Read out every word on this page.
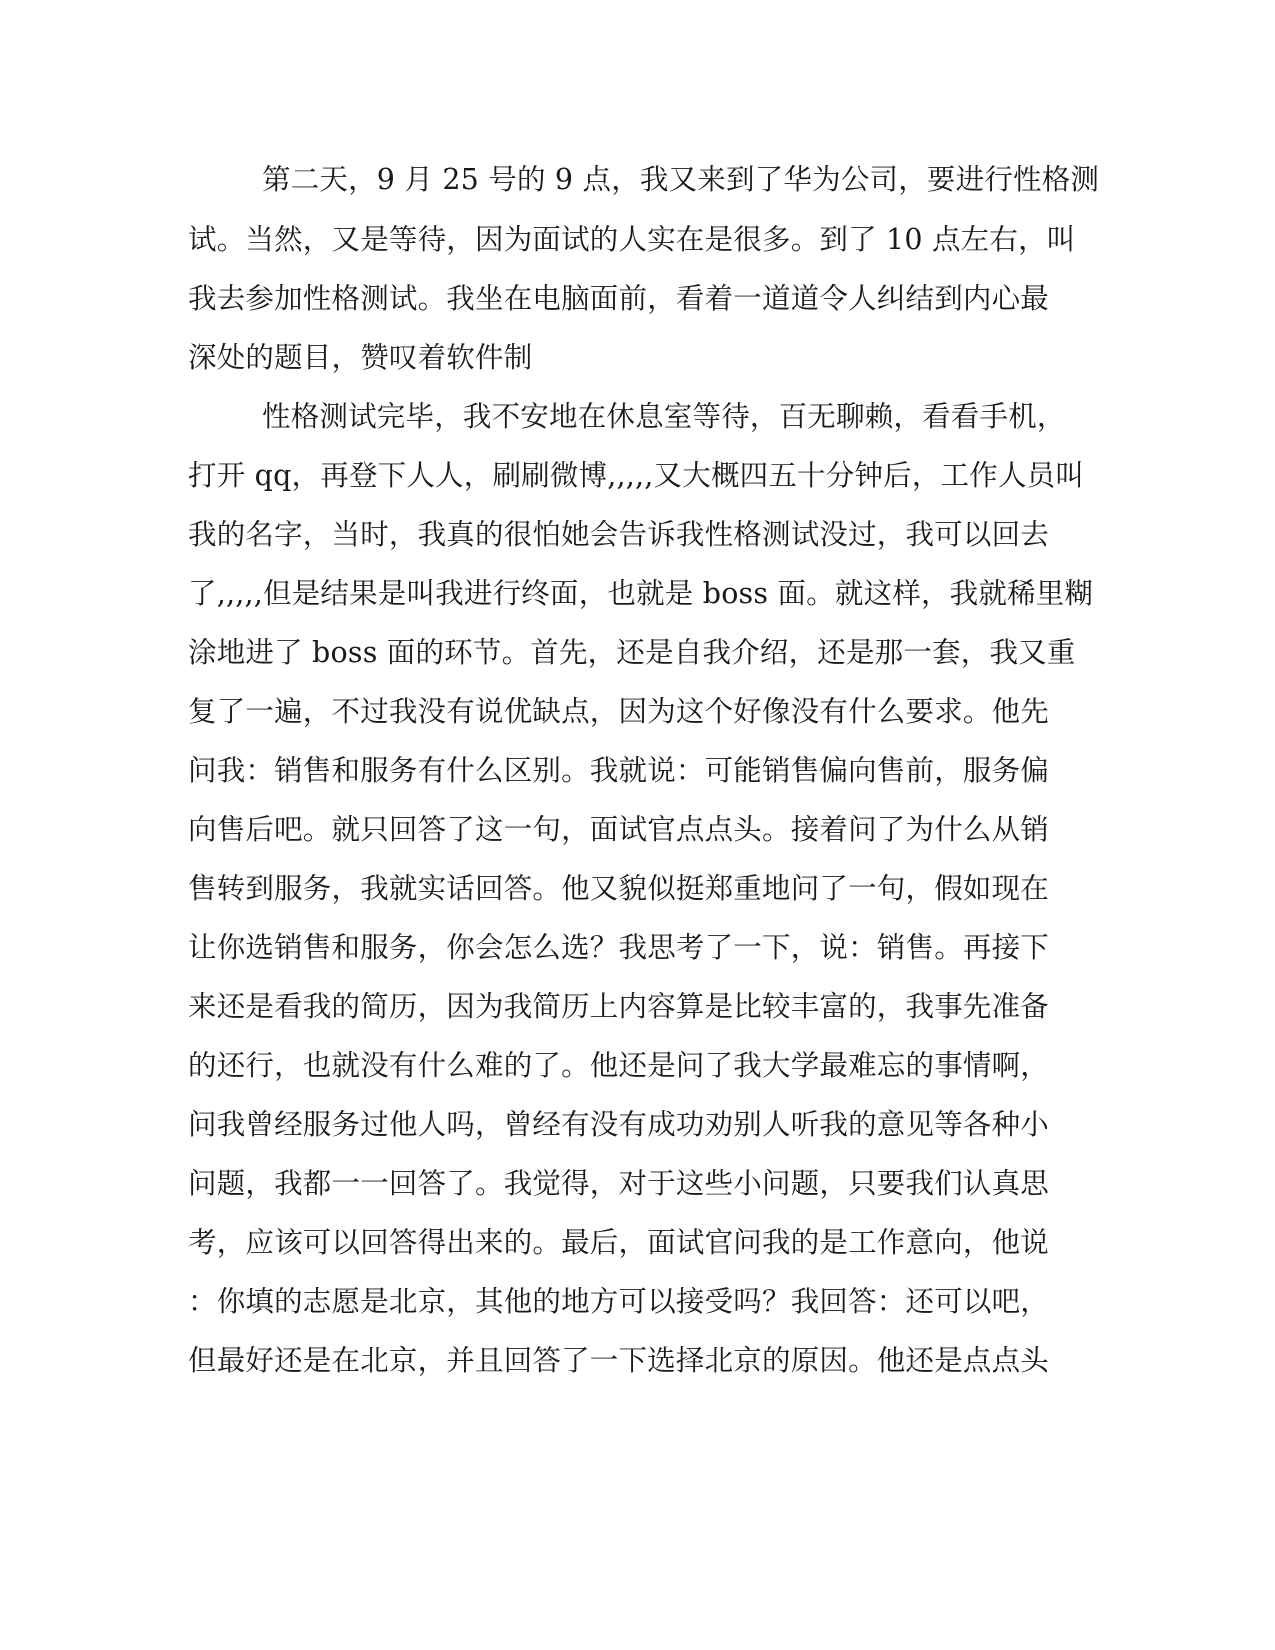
第二天，9 月 25 号的 9 点，我又来到了华为公司，要进行性格测
试。当然，又是等待，因为面试的人实在是很多。到了 10 点左右，叫
我去参加性格测试。我坐在电脑面前，看着一道道令人纠结到内心最
深处的题目，赞叹着软件制
性格测试完毕，我不安地在休息室等待，百无聊赖，看看手机，
打开 qq，再登下人人，刷刷微博,,,,,又大概四五十分钟后，工作人员叫
我的名字，当时，我真的很怕她会告诉我性格测试没过，我可以回去
了,,,,,但是结果是叫我进行终面，也就是 boss 面。就这样，我就稀里糊
涂地进了 boss 面的环节。首先，还是自我介绍，还是那一套，我又重
复了一遍，不过我没有说优缺点，因为这个好像没有什么要求。他先
问我：销售和服务有什么区别。我就说：可能销售偏向售前，服务偏
向售后吧。就只回答了这一句，面试官点点头。接着问了为什么从销
售转到服务，我就实话回答。他又貌似挺郑重地问了一句，假如现在
让你选销售和服务，你会怎么选？我思考了一下，说：销售。再接下
来还是看我的简历，因为我简历上内容算是比较丰富的，我事先准备
的还行，也就没有什么难的了。他还是问了我大学最难忘的事情啊，
问我曾经服务过他人吗，曾经有没有成功劝别人听我的意见等各种小
问题，我都一一回答了。我觉得，对于这些小问题，只要我们认真思
考，应该可以回答得出来的。最后，面试官问我的是工作意向，他说
：你填的志愿是北京，其他的地方可以接受吗？我回答：还可以吧，
但最好还是在北京，并且回答了一下选择北京的原因。他还是点点头
